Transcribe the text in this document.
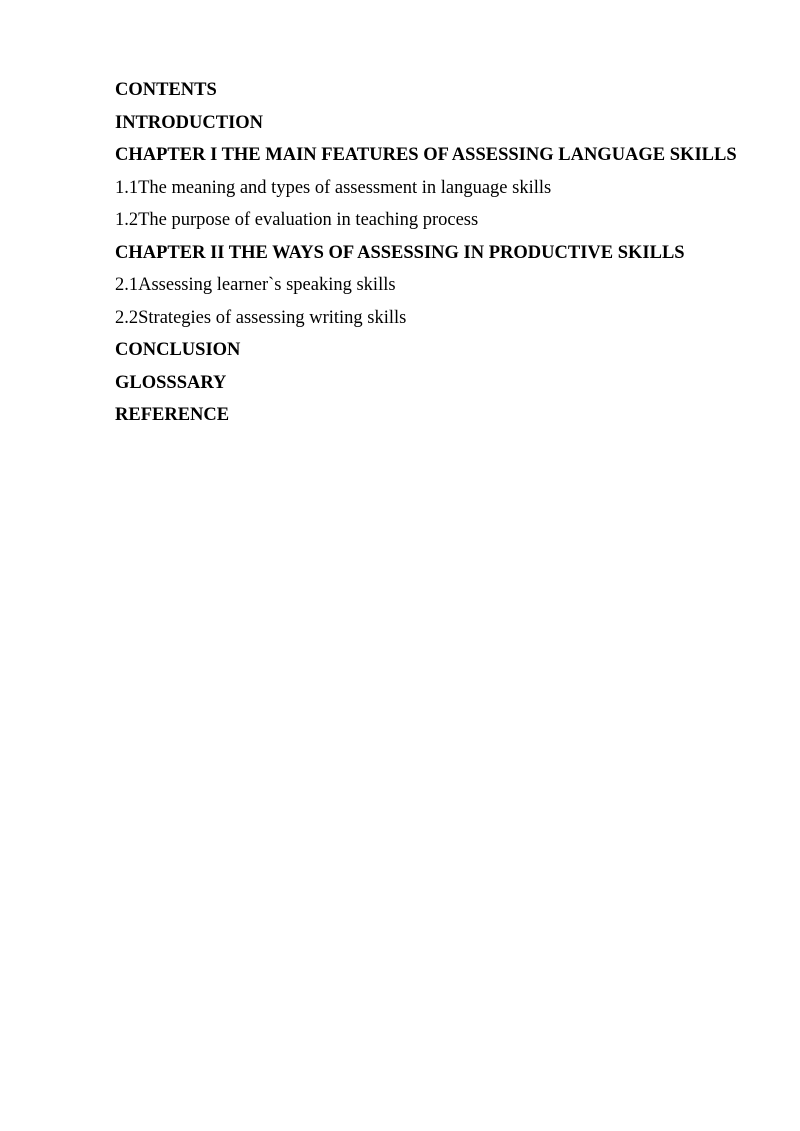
CONTENTS
INTRODUCTION
CHAPTER I THE MAIN FEATURES OF ASSESSING LANGUAGE SKILLS
1.1The meaning and types of assessment in language skills
1.2The purpose of evaluation in teaching process
CHAPTER II THE WAYS OF ASSESSING IN PRODUCTIVE SKILLS
2.1Assessing learner`s speaking skills
2.2Strategies of assessing writing skills
CONCLUSION
GLOSSSARY
REFERENCE
